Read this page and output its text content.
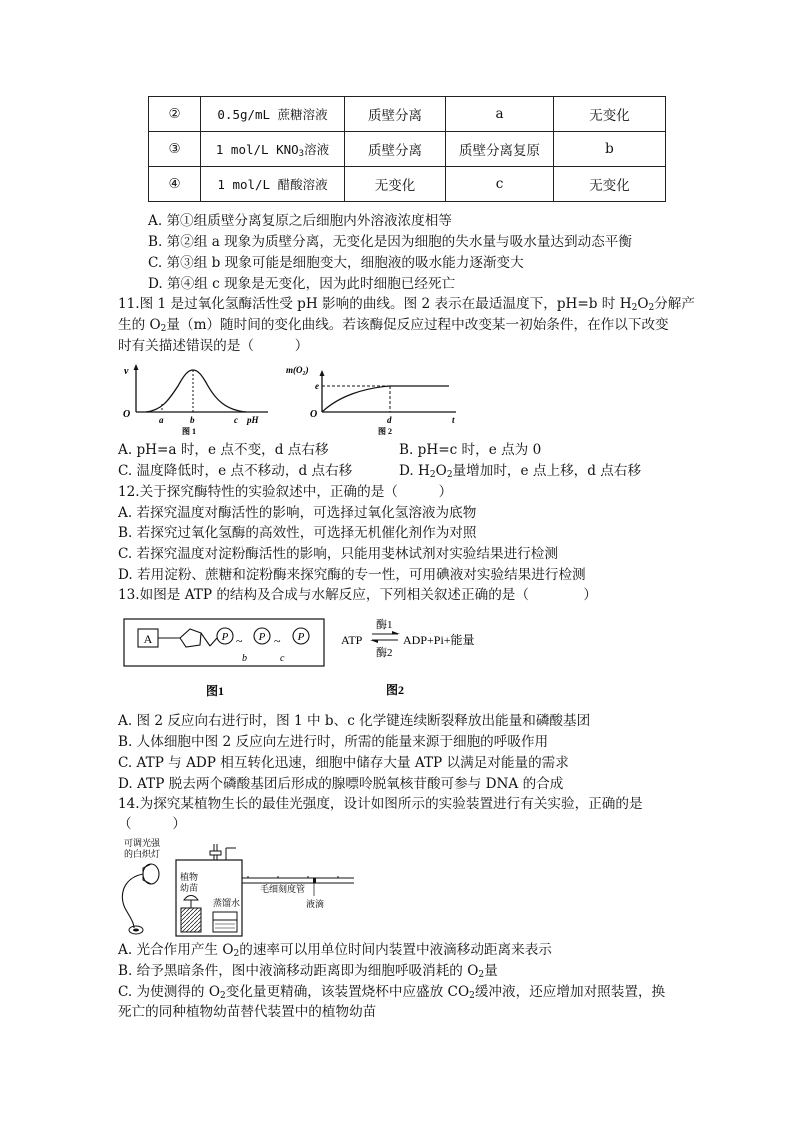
②	0.5g/mL 蔗糖溶液	质壁分离	a	无变化
③	1 mol/L $KNO_3$溶液	质壁分离	质壁分离复原	b
④	1 mol/L 醋酸溶液	无变化	c	无变化
A. 第①组质壁分离复原之后细胞内外溶液浓度相等
B. 第②组 a 现象为质壁分离，无变化是因为细胞的失水量与吸水量达到动态平衡
C. 第③组 b 现象可能是细胞变大，细胞液的吸水能力逐渐变大
D. 第④组 c 现象是无变化，因为此时细胞已经死亡
11.图 1 是过氧化氢酶活性受 pH 影响的曲线。图 2 表示在最适温度下，pH=b 时 $H_2O_2$分解产
生的 $O_2$量（m）随时间的变化曲线。若该酶促反应过程中改变某一初始条件，在作以下改变
时有关描述错误的是（　　　）
v
O	a	b	c pH
图 1
m(O₂)
e
O	d	t
图 2
A. pH=a 时，e 点不变，d 点右移	B. pH=c 时，e 点为 0
C. 温度降低时，e 点不移动，d 点右移	D. $H_2O_2$量增加时，e 点上移，d 点右移
12.关于探究酶特性的实验叙述中，正确的是（　　　）
A. 若探究温度对酶活性的影响，可选择过氧化氢溶液为底物
B. 若探究过氧化氢酶的高效性，可选择无机催化剂作为对照
C. 若探究温度对淀粉酶活性的影响，只能用斐林试剂对实验结果进行检测
D. 若用淀粉、蔗糖和淀粉酶来探究酶的专一性，可用碘液对实验结果进行检测
13.如图是 ATP 的结构及合成与水解反应，下列相关叙述正确的是（　　　　）
A	P ~
b
P ~
c
P
图1
ATP
酶1
酶2
ADP+Pi+能量
图2
A. 图 2 反应向右进行时，图 1 中 b、c 化学键连续断裂释放出能量和磷酸基团
B. 人体细胞中图 2 反应向左进行时，所需的能量来源于细胞的呼吸作用
C. ATP 与 ADP 相互转化迅速，细胞中储存大量 ATP 以满足对能量的需求
D. ATP 脱去两个磷酸基团后形成的腺嘌呤脱氧核苷酸可参与 DNA 的合成
14.为探究某植物生长的最佳光强度，设计如图所示的实验装置进行有关实验，正确的是
（　　　）
可调光强
的白炽灯
植物
幼苗
蒸馏水
毛细刻度管
液滴
A. 光合作用产生 $O_2$的速率可以用单位时间内装置中液滴移动距离来表示
B. 给予黑暗条件，图中液滴移动距离即为细胞呼吸消耗的 $O_2$量
C. 为使测得的 $O_2$变化量更精确，该装置烧杯中应盛放 $CO_2$缓冲液，还应增加对照装置，换
死亡的同种植物幼苗替代装置中的植物幼苗
